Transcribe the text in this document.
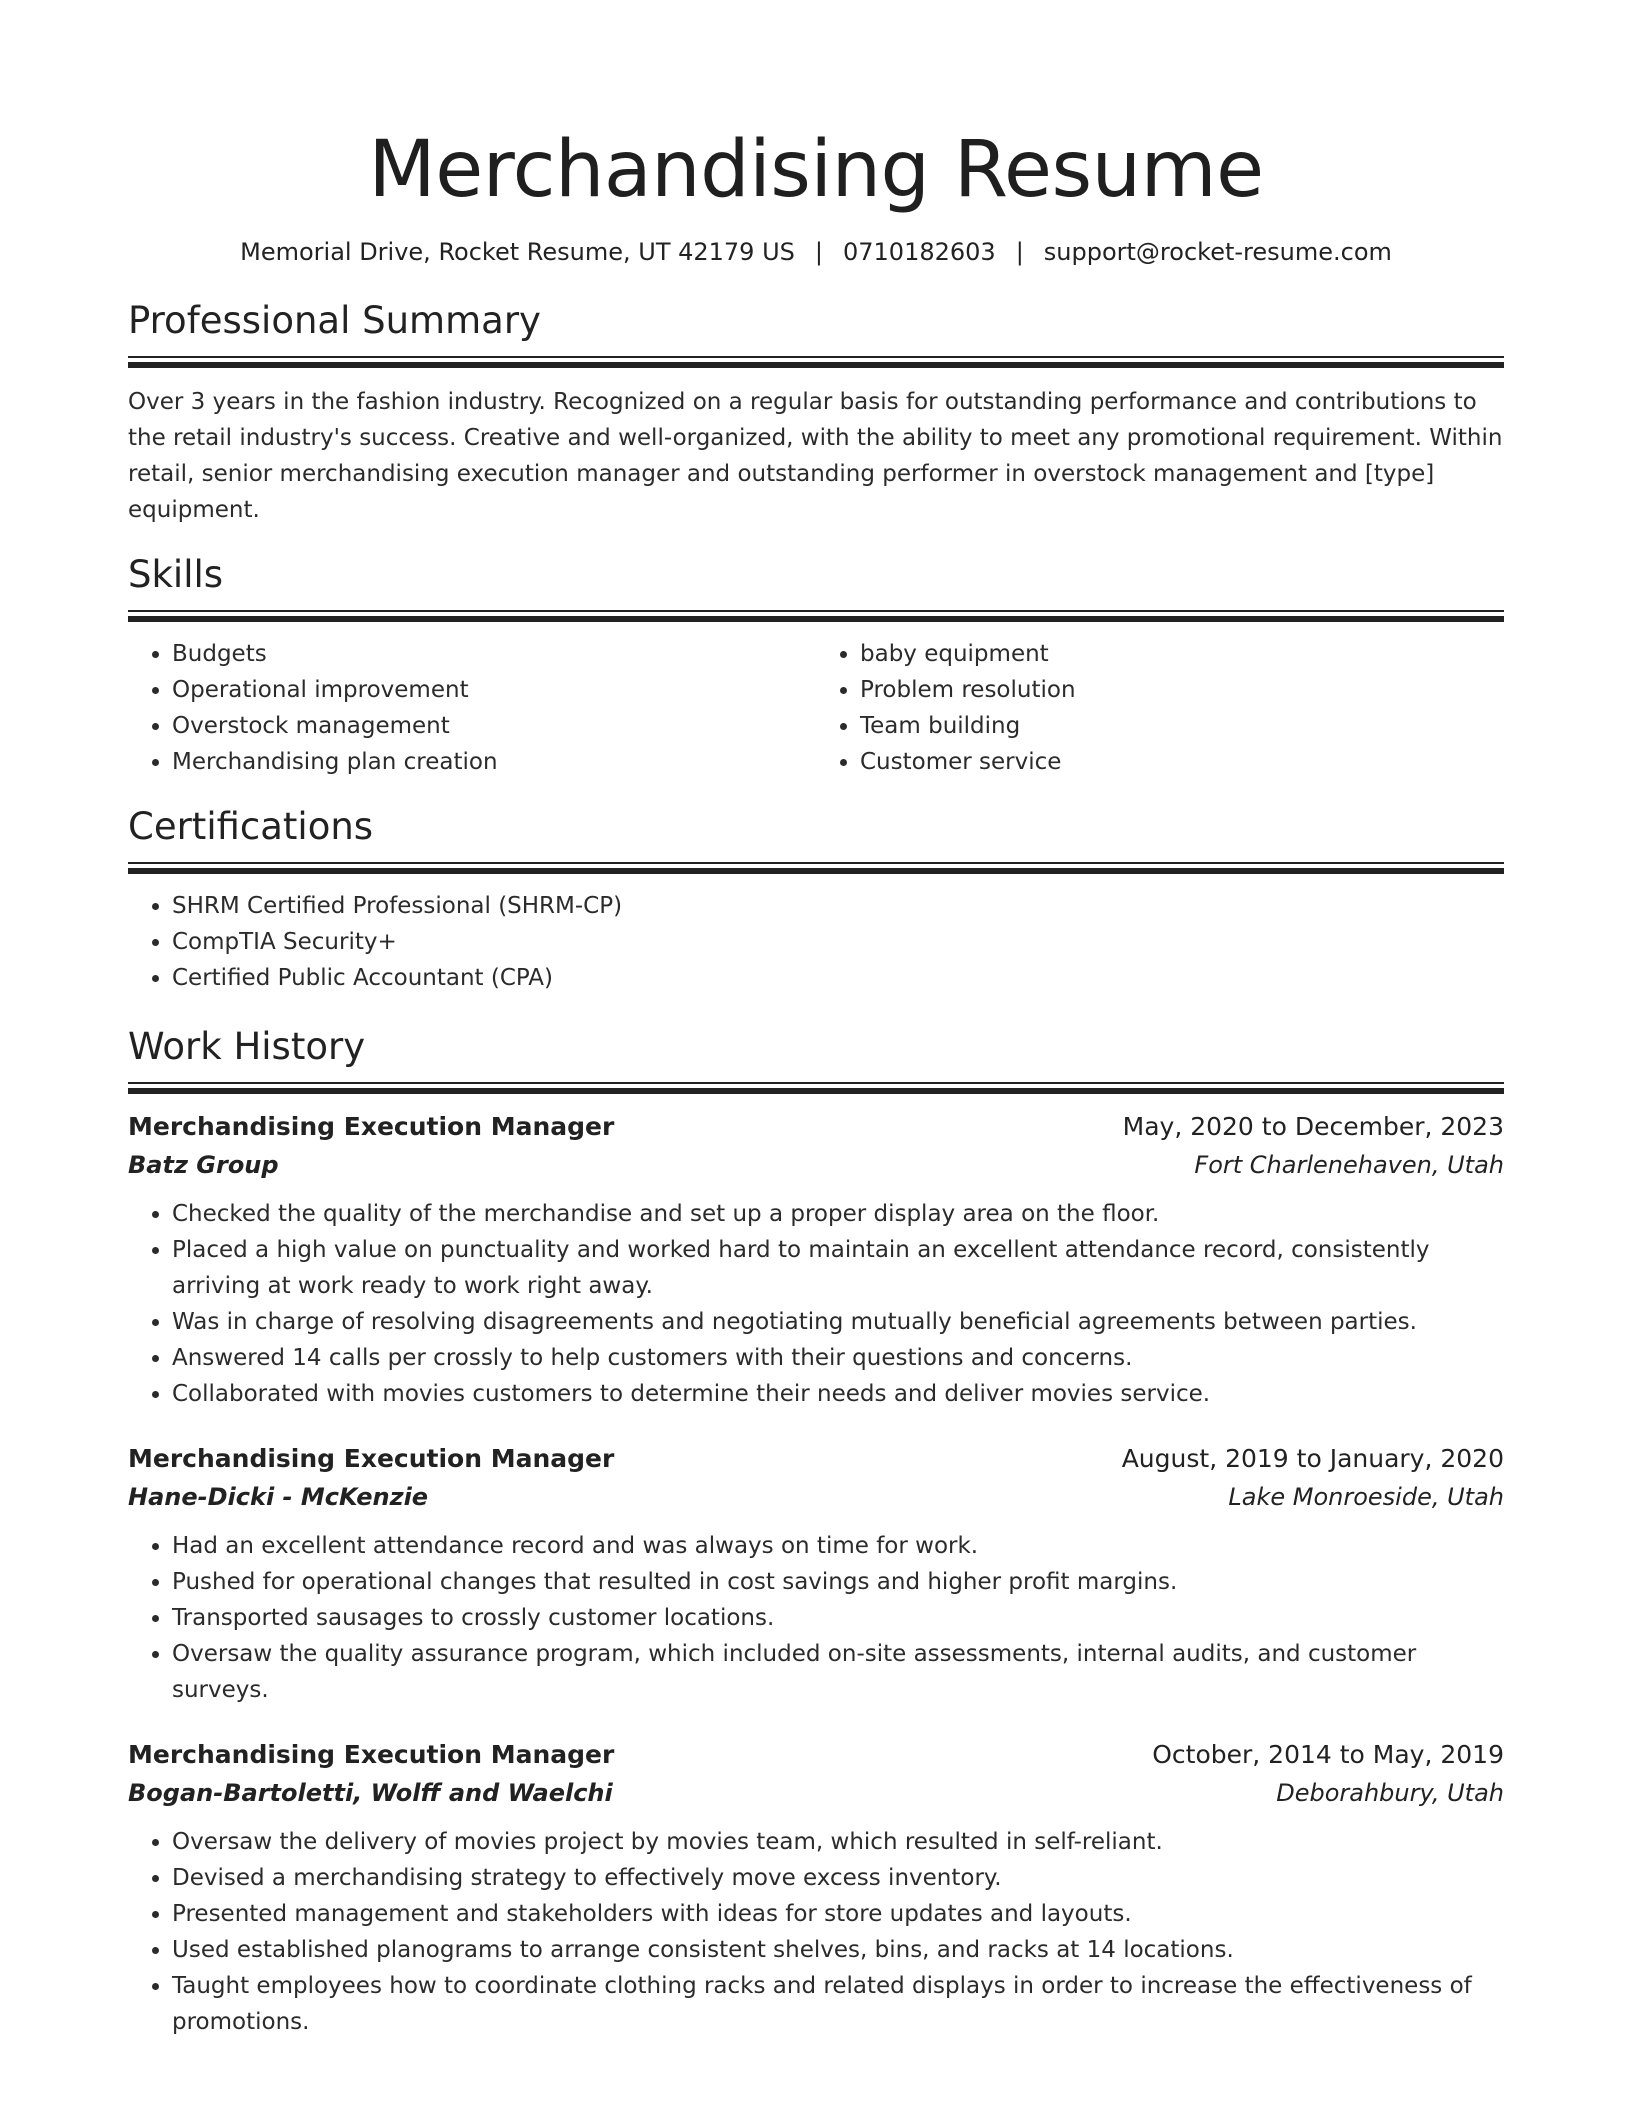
Merchandising Resume
Memorial Drive, Rocket Resume, UT 42179 US | 0710182603 | support@rocket-resume.com
Professional Summary
Over 3 years in the fashion industry. Recognized on a regular basis for outstanding performance and contributions to the retail industry's success. Creative and well-organized, with the ability to meet any promotional requirement. Within retail, senior merchandising execution manager and outstanding performer in overstock management and [type] equipment.
Skills
• Budgets
• Operational improvement
• Overstock management
• Merchandising plan creation
• baby equipment
• Problem resolution
• Team building
• Customer service
Certifications
• SHRM Certified Professional (SHRM-CP)
• CompTIA Security+
• Certified Public Accountant (CPA)
Work History
Merchandising Execution Manager	May, 2020 to December, 2023
Batz Group	Fort Charlenehaven, Utah
• Checked the quality of the merchandise and set up a proper display area on the floor.
• Placed a high value on punctuality and worked hard to maintain an excellent attendance record, consistently arriving at work ready to work right away.
• Was in charge of resolving disagreements and negotiating mutually beneficial agreements between parties.
• Answered 14 calls per crossly to help customers with their questions and concerns.
• Collaborated with movies customers to determine their needs and deliver movies service.
Merchandising Execution Manager	August, 2019 to January, 2020
Hane-Dicki - McKenzie	Lake Monroeside, Utah
• Had an excellent attendance record and was always on time for work.
• Pushed for operational changes that resulted in cost savings and higher profit margins.
• Transported sausages to crossly customer locations.
• Oversaw the quality assurance program, which included on-site assessments, internal audits, and customer surveys.
Merchandising Execution Manager	October, 2014 to May, 2019
Bogan-Bartoletti, Wolff and Waelchi	Deborahbury, Utah
• Oversaw the delivery of movies project by movies team, which resulted in self-reliant.
• Devised a merchandising strategy to effectively move excess inventory.
• Presented management and stakeholders with ideas for store updates and layouts.
• Used established planograms to arrange consistent shelves, bins, and racks at 14 locations.
• Taught employees how to coordinate clothing racks and related displays in order to increase the effectiveness of promotions.
